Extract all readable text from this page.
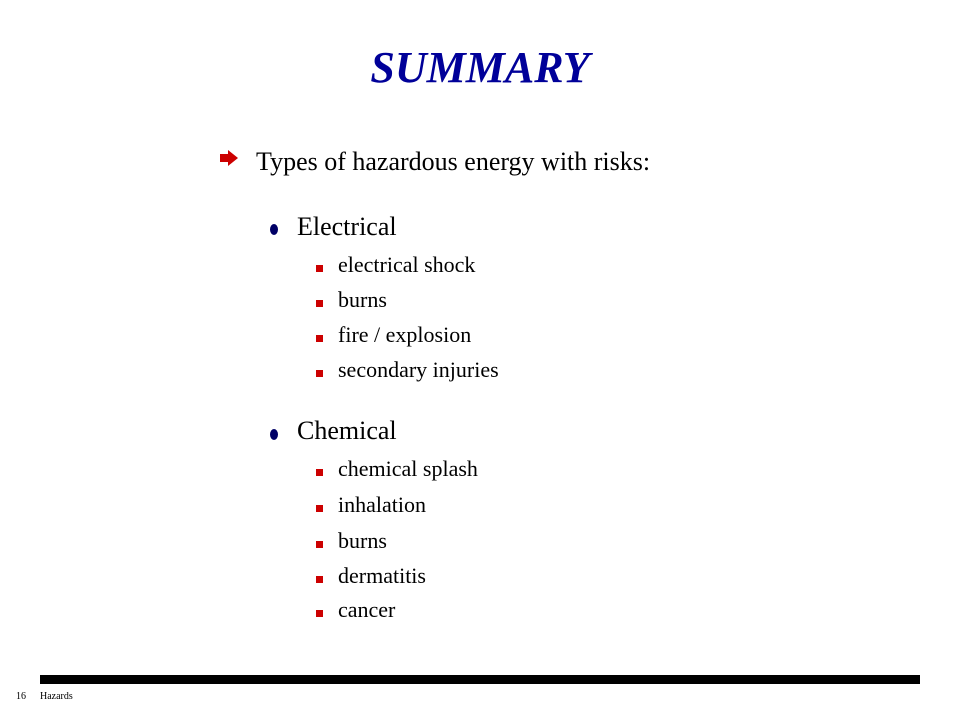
SUMMARY
Types of hazardous energy with risks:
Electrical
electrical shock
burns
fire / explosion
secondary injuries
Chemical
chemical splash
inhalation
burns
dermatitis
cancer
16 Hazards
